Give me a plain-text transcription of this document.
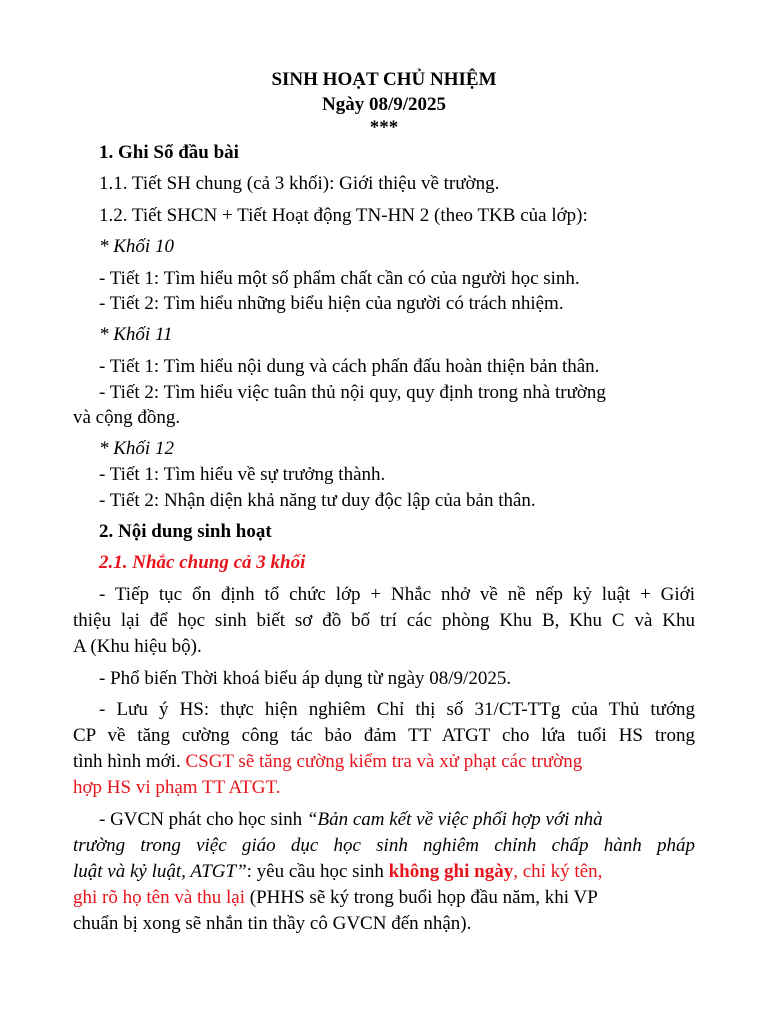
SINH HOẠT CHỦ NHIỆM
Ngày 08/9/2025
***
1. Ghi Sổ đầu bài
1.1. Tiết SH chung (cả 3 khối): Giới thiệu về trường.
1.2. Tiết SHCN + Tiết Hoạt động TN-HN 2 (theo TKB của lớp):
* Khối 10
- Tiết 1: Tìm hiểu một số phẩm chất cần có của người học sinh.
- Tiết 2: Tìm hiểu những biểu hiện của người có trách nhiệm.
* Khối 11
- Tiết 1: Tìm hiểu nội dung và cách phấn đấu hoàn thiện bản thân.
- Tiết 2: Tìm hiểu việc tuân thủ nội quy, quy định trong nhà trường
và cộng đồng.
* Khối 12
- Tiết 1: Tìm hiểu về sự trưởng thành.
- Tiết 2: Nhận diện khả năng tư duy độc lập của bản thân.
2. Nội dung sinh hoạt
2.1. Nhắc chung cả 3 khối
- Tiếp tục ổn định tổ chức lớp + Nhắc nhở về nề nếp kỷ luật + Giới
thiệu lại để học sinh biết sơ đồ bố trí các phòng Khu B, Khu C và Khu
A (Khu hiệu bộ).
- Phổ biến Thời khoá biểu áp dụng từ ngày 08/9/2025.
- Lưu ý HS: thực hiện nghiêm Chỉ thị số 31/CT-TTg của Thủ tướng
CP về tăng cường công tác bảo đảm TT ATGT cho lứa tuổi HS trong
tình hình mới. CSGT sẽ tăng cường kiểm tra và xử phạt các trường
hợp HS vi phạm TT ATGT.
- GVCN phát cho học sinh “Bản cam kết về việc phối hợp với nhà
trường trong việc giáo dục học sinh nghiêm chỉnh chấp hành pháp
luật và kỷ luật, ATGT”: yêu cầu học sinh không ghi ngày, chỉ ký tên,
ghi rõ họ tên và thu lại (PHHS sẽ ký trong buổi họp đầu năm, khi VP
chuẩn bị xong sẽ nhắn tin thầy cô GVCN đến nhận).
